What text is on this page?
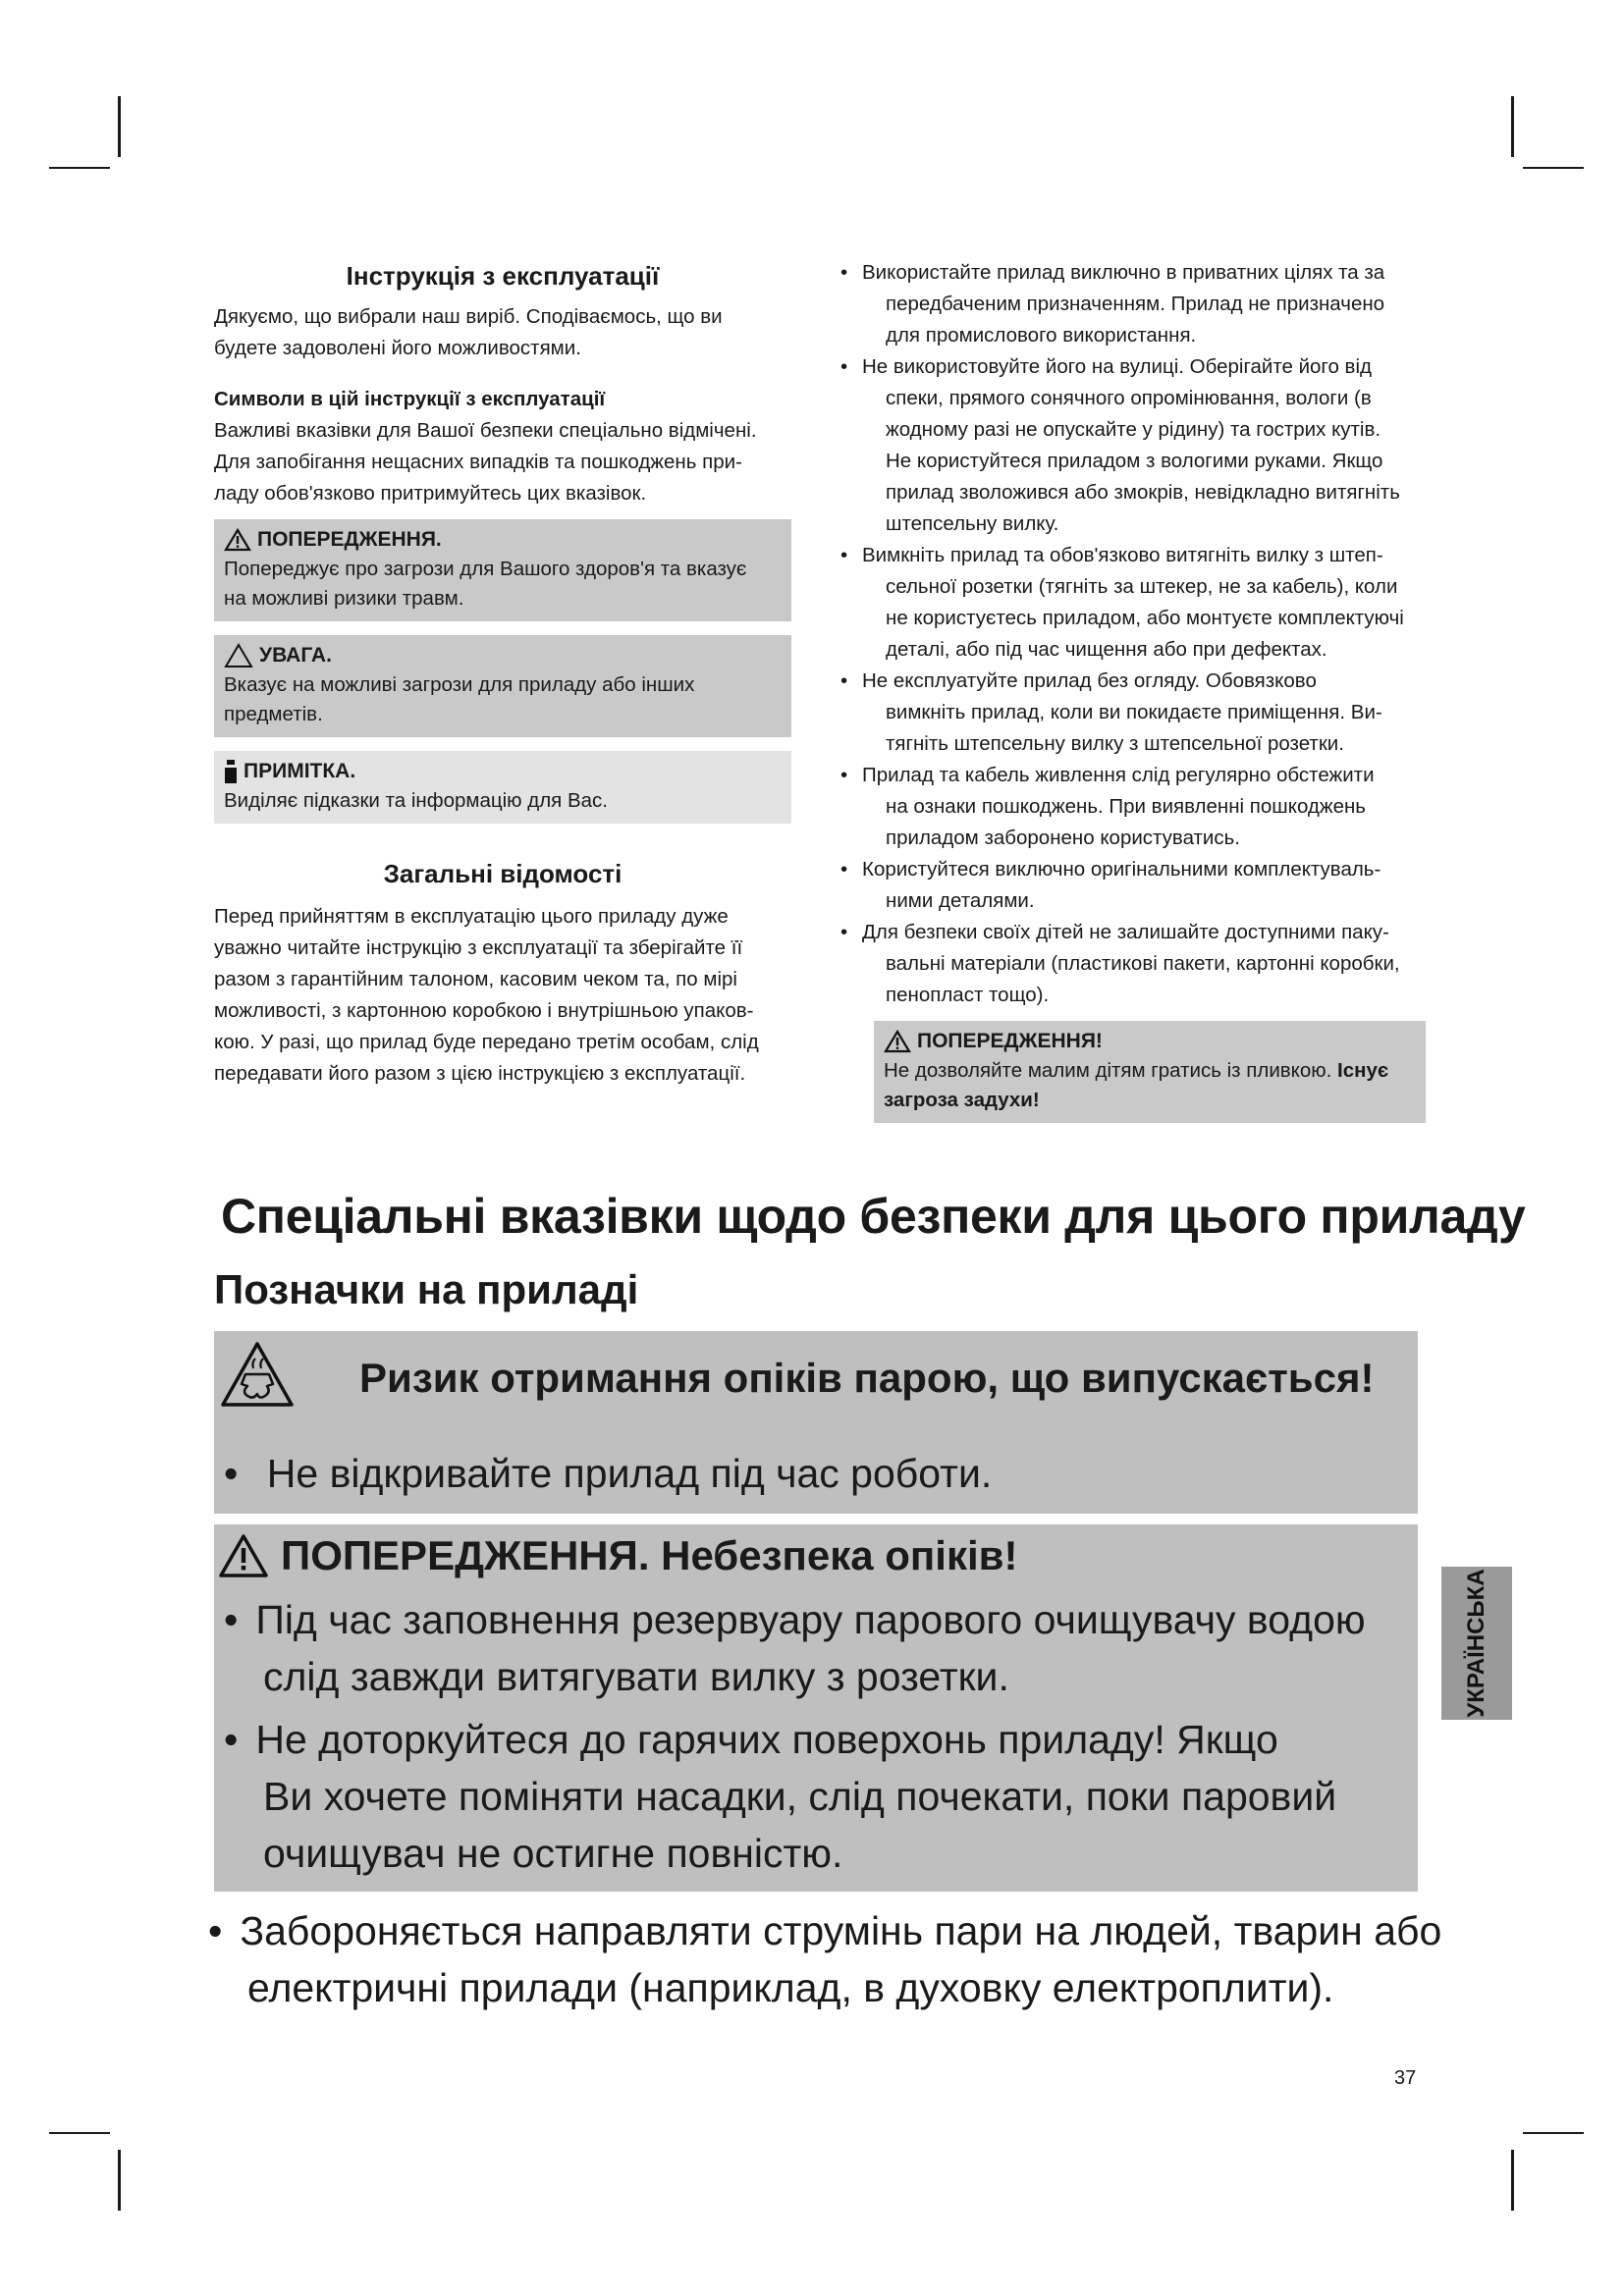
Інструкція з експлуатації

Дякуємо, що вибрали наш виріб. Сподіваємось, що ви

будете задоволені його можливостями.

Символи в цій інструкції з експлуатації

Важливі вказівки для Вашої безпеки спеціально відмічені.

Для запобігання нещасних випадків та пошкоджень при-

ладу обов'язково притримуйтесь цих вказівок.

ПОПЕРЕДЖЕННЯ.
Попереджує про загрози для Вашого здоров'я та вказує
на можливі ризики травм.
УВАГА.
Вказує на можливі загрози для приладу або інших
предметів.
ПРИМІТКА.
Виділяє підказки та інформацію для Вас.
Загальні відомості

Перед прийняттям в експлуатацію цього приладу дуже

уважно читайте інструкцію з експлуатації та зберігайте її

разом з гарантійним талоном, касовим чеком та, по мірі

можливості, з картонною коробкою і внутрішньою упаков-

кою. У разі, що прилад буде передано третім особам, слід

передавати його разом з цією інструкцією з експлуатації.

• Використайте прилад виключно в приватних цілях та за
передбаченим призначенням. Прилад не призначено
для промислового використання.
• Не використовуйте його на вулиці. Оберігайте його від
спеки, прямого сонячного опромінювання, вологи (в
жодному разі не опускайте у рідину) та гострих кутів.
Не користуйтеся приладом з вологими руками. Якщо
прилад зволожився або змокрів, невідкладно витягніть
штепсельну вилку.
• Вимкніть прилад та обов'язково витягніть вилку з штеп-
сельної розетки (тягніть за штекер, не за кабель), коли
не користуєтесь приладом, або монтуєте комплектуючі
деталі, або під час чищення або при дефектах.
• Не експлуатуйте прилад без огляду. Обовязково
вимкніть прилад, коли ви покидаєте приміщення. Ви-
тягніть штепсельну вилку з штепсельної розетки.
• Прилад та кабель живлення слід регулярно обстежити
на ознаки пошкоджень. При виявленні пошкоджень
приладом заборонено користуватись.
• Користуйтеся виключно оригінальними комплектуваль-
ними деталями.
• Для безпеки своїх дітей не залишайте доступними паку-
вальні матеріали (пластикові пакети, картонні коробки,
пенопласт тощо).
ПОПЕРЕДЖЕННЯ!
Не дозволяйте малим дітям гратись із пливкою. Існує
загроза задухи!
Спеціальні вказівки щодо безпеки для цього приладу
Позначки на приладі
Ризик отримання опіків парою, що випускається!
• Не відкривайте прилад під час роботи.
ПОПЕРЕДЖЕННЯ. Небезпека опіків!
• Під час заповнення резервуару парового очищувачу водою
слід завжди витягувати вилку з розетки.
• Не доторкуйтеся до гарячих поверхонь приладу! Якщо
Ви хочете поміняти насадки, слід почекати, поки паровий
очищувач не остигне повністю.
• Забороняється направляти струмінь пари на людей, тварин або
електричні прилади (наприклад, в духовку електроплити).
УКРАЇНСЬКА
37
